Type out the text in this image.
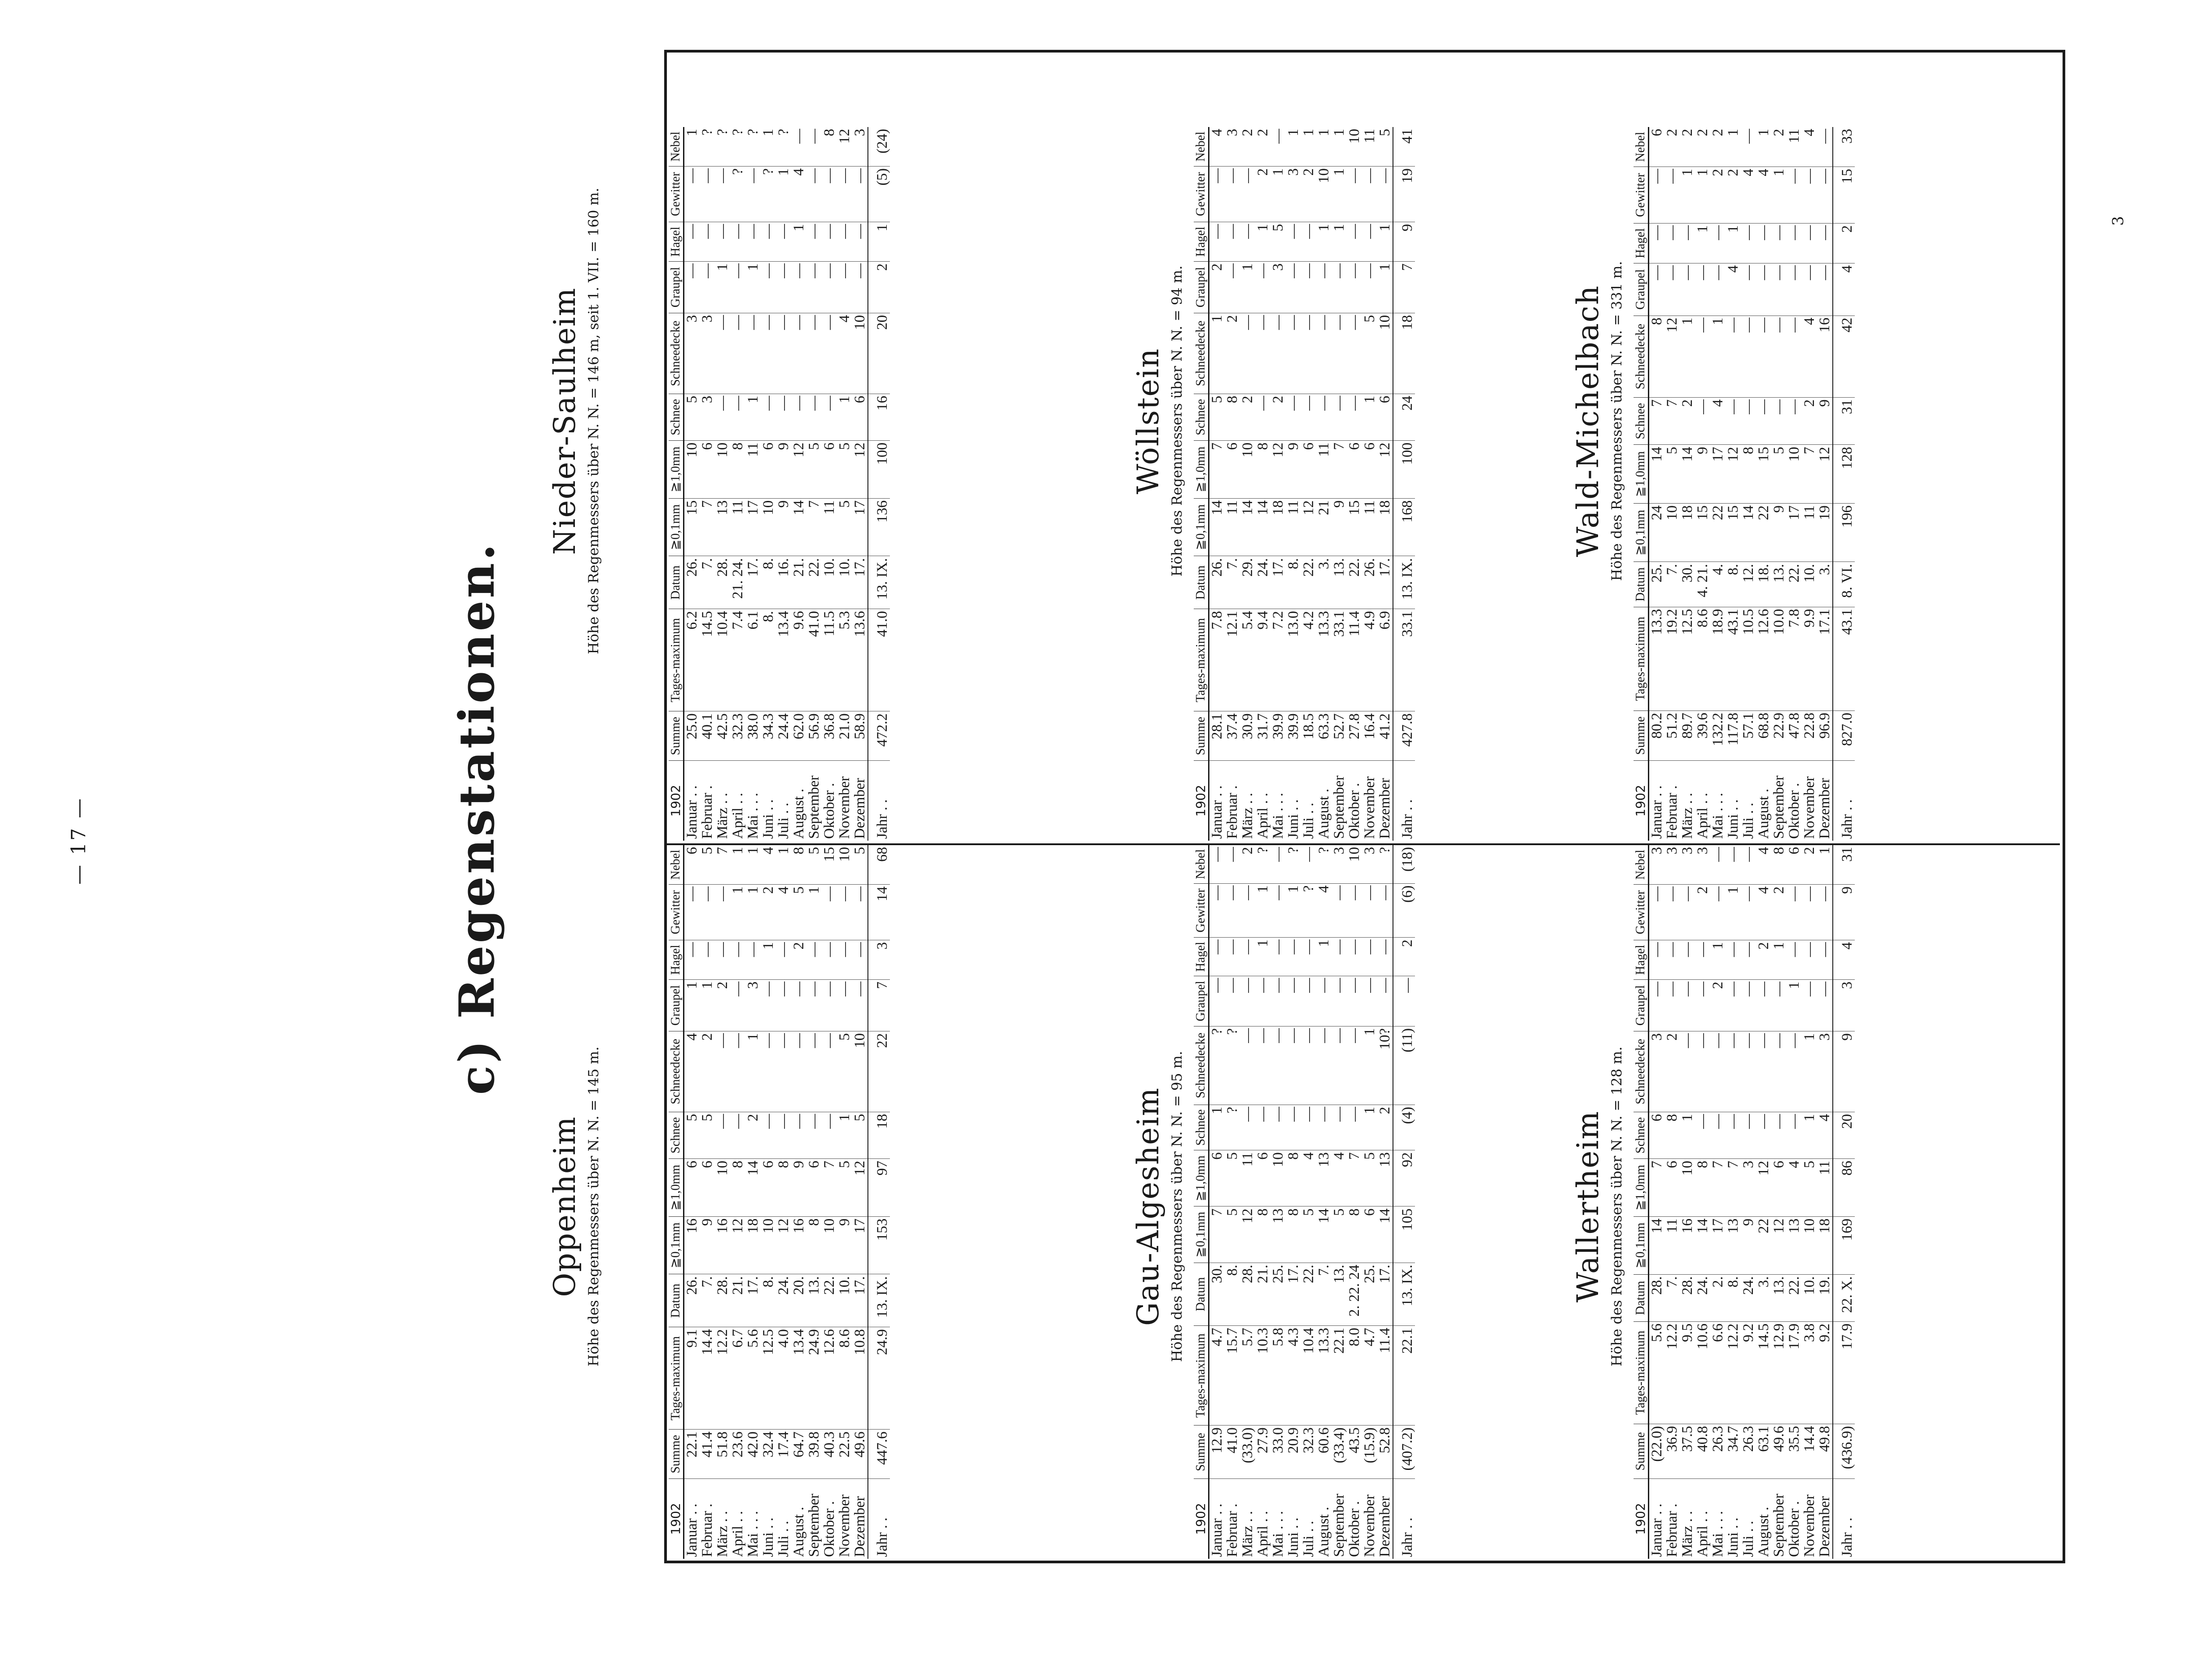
— 17 —	c) Regenstationen.
Oppenheim Höhe des Regenmessers über N. N. = 145 m.
Nieder-Saulheim Höhe des Regenmessers über N. N. = 146 m, seit 1. VII. = 160 m.
1902	Summe	Tages-maximum	Datum	≧0,1mm	≧1,0mm	Schnee	Schneedecke	Graupel	Hagel	Gewitter	Nebel
Januar . .	22.1	9.1	26.	16	6	5	4	1	—	—	6
Februar .	41.4	14.4	7.	9	6	5	2	1	—	—	5
März . .	51.8	12.2	28.	16	10	—	—	2	—	—	7
April . .	23.6	6.7	21.	12	8	—	—	—	—	1	1
Mai . . .	42.0	5.6	17.	18	14	2	1	3	—	1	1
Juni . .	32.4	12.5	8.	10	6	—	—	—	1	2	4
Juli . .	17.4	4.0	24.	12	8	—	—	—	—	4	1
August .	64.7	13.4	20.	16	9	—	—	—	2	5	8
September	39.8	24.9	13.	8	6	—	—	—	—	1	5
Oktober .	40.3	12.6	22.	10	7	—	—	—	—	—	15
November	22.5	8.6	10.	9	5	1	5	—	—	—	10
Dezember	49.6	10.8	17.	17	12	5	10	—	—	—	5
Jahr . .	447.6	24.9	13. IX.	153	97	18	22	7	3	14	68
1902	Summe	Tages-maximum	Datum	≧0,1mm	≧1,0mm	Schnee	Schneedecke	Graupel	Hagel	Gewitter	Nebel
Januar . .	25.0	6.2	26.	15	10	5	3	—	—	—	1
Februar .	40.1	14.5	7.	7	6	3	3	—	—	—	?
März . .	42.5	10.4	28.	13	10	—	—	1	—	—	?
April . .	32.3	7.4	21. 24.	11	8	—	—	—	—	?	?
Mai . . .	38.0	6.1	17.	17	11	1	—	1	—	—	?
Juni . .	34.3	8.	8.	10	6	—	—	—	—	?	1
Juli . .	24.4	13.4	16.	9	9	—	—	—	—	1	?
August .	62.0	9.6	21.	14	12	—	—	—	1	4	—
September	56.9	41.0	22.	7	5	—	—	—	—	—	—
Oktober .	36.8	11.5	10.	11	6	—	—	—	—	—	8
November	21.0	5.3	10.	5	5	1	4	—	—	—	12
Dezember	58.9	13.6	17.	17	12	6	10	—	—	—	3
Jahr . .	472.2	41.0	13. IX.	136	100	16	20	2	1	(5)	(24)
Gau-Algesheim Höhe des Regenmessers über N. N. = 95 m.
Wöllstein Höhe des Regenmessers über N. N. = 94 m.
1902	Summe	Tages-maximum	Datum	≧0,1mm	≧1,0mm	Schnee	Schneedecke	Graupel	Hagel	Gewitter	Nebel
Januar . .	12.9	4.7	30.	7	6	1	?	—	—	—	—
Februar .	41.0	15.7	8.	5	5	?	?	—	—	—	—
März . .	(33.0)	5.7	28.	12	11	—	—	—	—	—	2
April . .	27.9	10.3	21.	8	6	—	—	—	1	1	?
Mai . . .	33.0	5.8	25.	13	10	—	—	—	—	—	—
Juni . .	20.9	4.3	17.	8	8	—	—	—	—	1	?
Juli . .	32.3	10.4	22.	5	4	—	—	—	—	?	—
August .	60.6	13.3	7.	14	13	—	—	—	1	4	?
September	(33.4)	22.1	13.	5	4	—	—	—	—	—	3
Oktober .	43.5	8.0	2. 22. 24	8	7	—	—	—	—	—	10
November	(15.9)	4.7	25.	6	5	1	1	—	—	—	3
Dezember	52.8	11.4	17.	14	13	2	10?	—	—	—	?
Jahr . .	(407.2)	22.1	13. IX.	105	92	(4)	(11)	—	2	(6)	(18)
1902	Summe	Tages-maximum	Datum	≧0,1mm	≧1,0mm	Schnee	Schneedecke	Graupel	Hagel	Gewitter	Nebel
Januar . .	28.1	7.8	26.	14	7	5	1	2	—	—	4
Februar .	37.4	12.1	7.	11	6	8	2	—	—	—	3
März . .	30.9	5.4	29.	14	10	2	—	1	—	—	2
April . .	31.7	9.4	24.	14	8	—	—	—	1	2	2
Mai . . .	39.9	7.2	17.	18	12	2	—	3	5	1	—
Juni . .	39.9	13.0	8.	11	9	—	—	—	—	3	1
Juli . .	18.5	4.2	22.	12	6	—	—	—	—	2	1
August .	63.3	13.3	3.	21	11	—	—	—	1	10	1
September	52.7	33.1	13.	9	7	—	—	—	1	1	1
Oktober .	27.8	11.4	22.	15	6	—	—	—	—	—	10
November	16.4	4.9	26.	11	6	1	5	—	—	—	11
Dezember	41.2	6.9	17.	18	12	6	10	1	1	—	5
Jahr . .	427.8	33.1	13. IX.	168	100	24	18	7	9	19	41
Wallertheim Höhe des Regenmessers über N. N. = 128 m.
Wald-Michelbach Höhe des Regenmessers über N. N. = 331 m.
1902	Summe	Tages-maximum	Datum	≧0,1mm	≧1,0mm	Schnee	Schneedecke	Graupel	Hagel	Gewitter	Nebel
Januar . .	(22.0)	5.6	28.	14	7	6	3	—	—	—	3
Februar .	36.9	12.2	7.	11	6	8	2	—	—	—	3
März . .	37.5	9.5	28.	16	10	1	—	—	—	—	3
April . .	40.8	10.6	24.	14	8	—	—	—	—	2	3
Mai . . .	26.3	6.6	2.	17	7	—	—	2	1	—	—
Juni . .	34.7	12.2	8.	13	7	—	—	—	—	1	—
Juli . .	26.3	9.2	24.	9	3	—	—	—	—	—	—
August .	63.1	14.5	3.	22	12	—	—	—	2	4	4
September	49.6	12.9	13.	12	6	—	—	—	1	2	8
Oktober .	35.5	17.9	22.	13	4	—	—	1	—	—	6
November	14.4	3.8	10.	10	5	1	1	—	—	—	2
Dezember	49.8	9.2	19.	18	11	4	3	—	—	—	1
Jahr . .	(436.9)	17.9	22. X.	169	86	20	9	3	4	9	31
1902	Summe	Tages-maximum	Datum	≧0,1mm	≧1,0mm	Schnee	Schneedecke	Graupel	Hagel	Gewitter	Nebel
Januar . .	80.2	13.3	25.	24	14	7	8	—	—	—	6
Februar .	51.2	19.2	7.	10	5	7	12	—	—	—	2
März . .	89.7	12.5	30.	18	14	2	1	—	—	1	2
April . .	39.6	8.6	4. 21.	15	9	—	—	—	1	1	2
Mai . . .	132.2	18.9	4.	22	17	4	1	—	—	2	2
Juni . .	117.8	43.1	8.	15	12	—	—	4	1	2	1
Juli . .	57.1	10.5	12.	14	8	—	—	—	—	4	—
August .	68.8	12.6	18.	22	15	—	—	—	—	4	1
September	22.9	10.0	13.	9	5	—	—	—	—	1	2
Oktober .	47.8	7.8	22.	17	10	—	—	—	—	—	11
November	22.8	9.9	10.	11	7	2	4	—	—	—	4
Dezember	96.9	17.1	3.	19	12	9	16	—	—	—	—
Jahr . .	827.0	43.1	8. VI.	196	128	31	42	4	2	15	33
3
